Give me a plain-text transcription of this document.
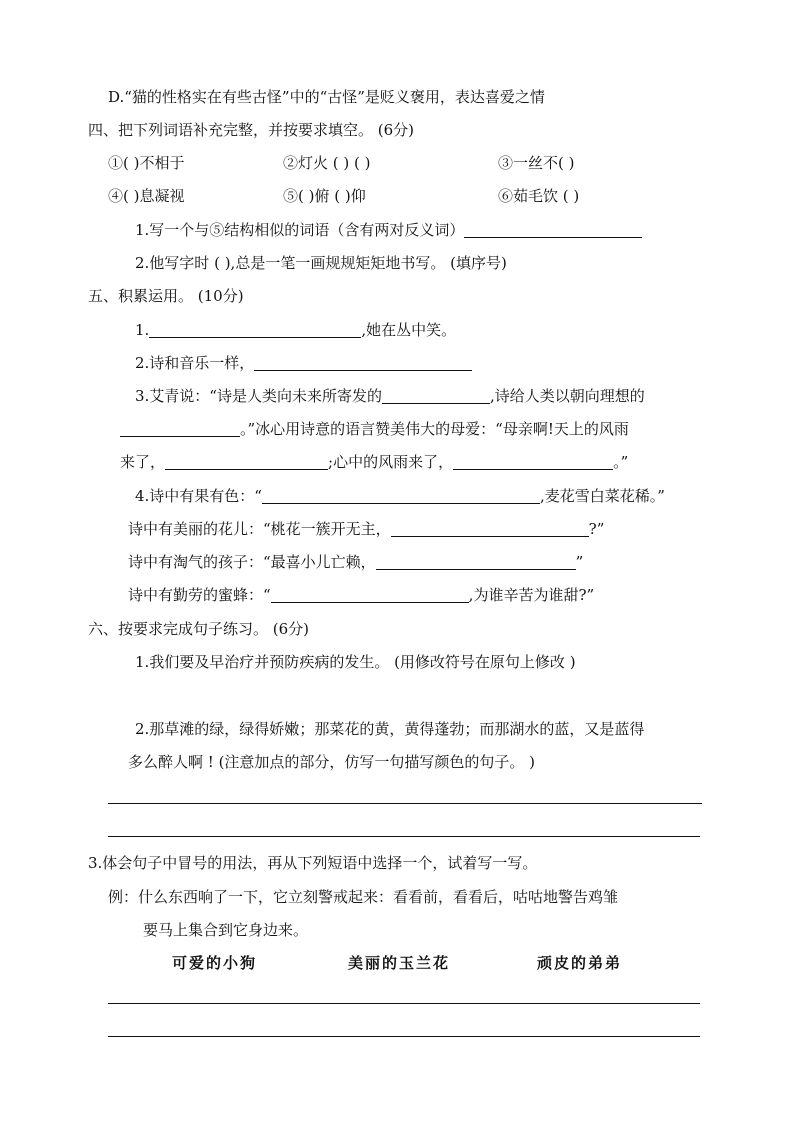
D.“猫的性格实在有些古怪”中的“古怪”是贬义褒用，表达喜爱之情
四、把下列词语补充完整，并按要求填空。 (6分)
①( )不相于	②灯火 ( ) ( )	③一丝不( )
④( )息凝视	⑤( )俯 ( )仰	⑥茹毛饮 ( )
1.写一个与⑤结构相似的词语（含有两对反义词）
2.他写字时 ( ),总是一笔一画规规矩矩地书写。 (填序号)
五、积累运用。 (10分)
1.	,她在丛中笑。
2.诗和音乐一样，
3.艾青说：“诗是人类向未来所寄发的	,诗给人类以朝向理想的
。”冰心用诗意的语言赞美伟大的母爱：“母亲啊!天上的风雨
来了，	;心中的风雨来了，	。”
4.诗中有果有色：“	,麦花雪白菜花稀。”
诗中有美丽的花儿：“桃花一簇开无主，	?”
诗中有淘气的孩子：“最喜小儿亡赖，	”
诗中有勤劳的蜜蜂：“	,为谁辛苦为谁甜?”
六、按要求完成句子练习。 (6分)
1.我们要及早治疗并预防疾病的发生。 (用修改符号在原句上修改 )
2.那草滩的绿，绿得娇嫩；那菜花的黄，黄得蓬勃；而那湖水的蓝，又是蓝得
多么醉人啊 ! (注意加点的部分，仿写一句描写颜色的句子。 )
3.体会句子中冒号的用法，再从下列短语中选择一个，试着写一写。
例：什么东西响了一下，它立刻警戒起来：看看前，看看后，咕咕地警告鸡雏
要马上集合到它身边来。
可爱的小狗	美丽的玉兰花	顽皮的弟弟
